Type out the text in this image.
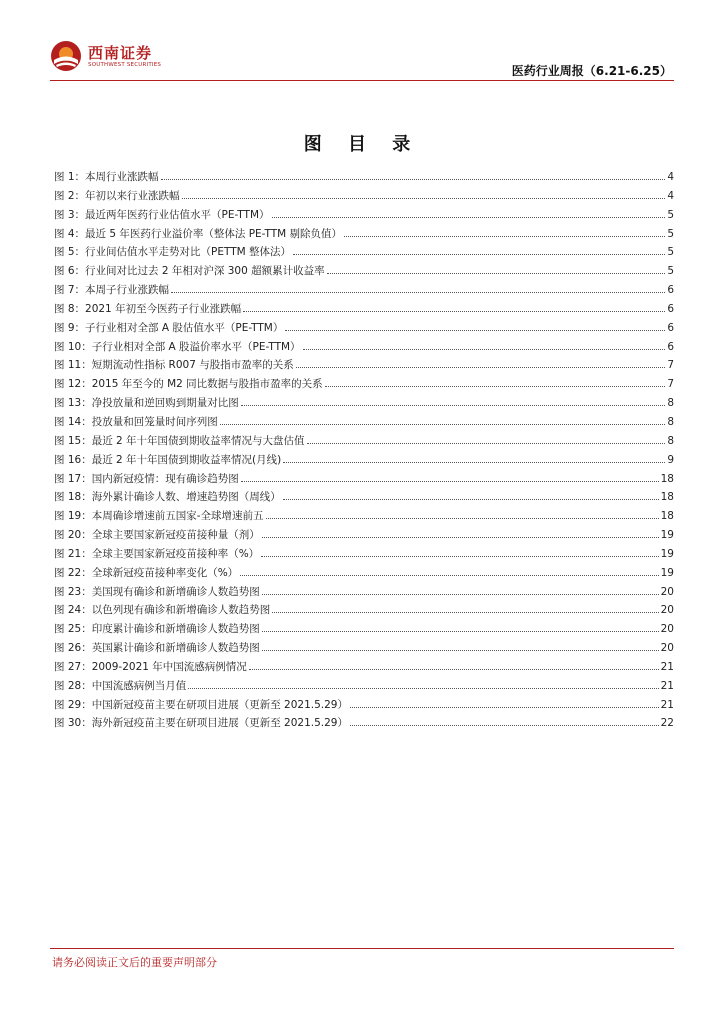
西南证券
SOUTHWEST SECURITIES	医药行业周报（6.21-6.25）
图 目 录
图 1：本周行业涨跌幅	4
图 2：年初以来行业涨跌幅	4
图 3：最近两年医药行业估值水平（PE-TTM）	5
图 4：最近 5 年医药行业溢价率（整体法 PE-TTM 剔除负值）	5
图 5：行业间估值水平走势对比（PETTM 整体法）	5
图 6：行业间对比过去 2 年相对沪深 300 超额累计收益率	5
图 7：本周子行业涨跌幅	6
图 8：2021 年初至今医药子行业涨跌幅	6
图 9：子行业相对全部 A 股估值水平（PE-TTM）	6
图 10：子行业相对全部 A 股溢价率水平（PE-TTM）	6
图 11：短期流动性指标 R007 与股指市盈率的关系	7
图 12：2015 年至今的 M2 同比数据与股指市盈率的关系	7
图 13：净投放量和逆回购到期量对比图	8
图 14：投放量和回笼量时间序列图	8
图 15：最近 2 年十年国债到期收益率情况与大盘估值	8
图 16：最近 2 年十年国债到期收益率情况(月线)	9
图 17：国内新冠疫情：现有确诊趋势图	18
图 18：海外累计确诊人数、增速趋势图（周线）	18
图 19：本周确诊增速前五国家-全球增速前五	18
图 20：全球主要国家新冠疫苗接种量（剂）	19
图 21：全球主要国家新冠疫苗接种率（%）	19
图 22：全球新冠疫苗接种率变化（%）	19
图 23：美国现有确诊和新增确诊人数趋势图	20
图 24：以色列现有确诊和新增确诊人数趋势图	20
图 25：印度累计确诊和新增确诊人数趋势图	20
图 26：英国累计确诊和新增确诊人数趋势图	20
图 27：2009-2021 年中国流感病例情况	21
图 28：中国流感病例当月值	21
图 29：中国新冠疫苗主要在研项目进展（更新至 2021.5.29）	21
图 30：海外新冠疫苗主要在研项目进展（更新至 2021.5.29）	22
请务必阅读正文后的重要声明部分
